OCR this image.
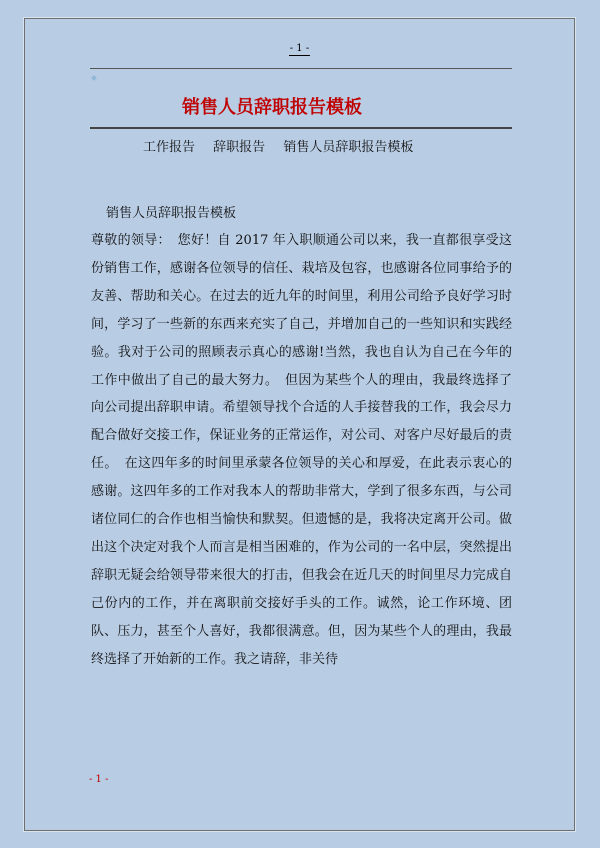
- 1 -
销售人员辞职报告模板
工作报告 辞职报告 销售人员辞职报告模板
销售人员辞职报告模板

尊敬的领导：　您好！自 2017 年入职顺通公司以来，我一直都很享受这份销售工作，感谢各位领导的信任、栽培及包容，也感谢各位同事给予的友善、帮助和关心。在过去的近九年的时间里，利用公司给予良好学习时间，学习了一些新的东西来充实了自己，并增加自己的一些知识和实践经验。我对于公司的照顾表示真心的感谢!当然，我也自认为自己在今年的工作中做出了自己的最大努力。　但因为某些个人的理由，我最终选择了向公司提出辞职申请。希望领导找个合适的人手接替我的工作，我会尽力配合做好交接工作，保证业务的正常运作，对公司、对客户尽好最后的责任。　在这四年多的时间里承蒙各位领导的关心和厚爱，在此表示衷心的感谢。这四年多的工作对我本人的帮助非常大，学到了很多东西，与公司诸位同仁的合作也相当愉快和默契。但遗憾的是，我将决定离开公司。做出这个决定对我个人而言是相当困难的，作为公司的一名中层，突然提出辞职无疑会给领导带来很大的打击，但我会在近几天的时间里尽力完成自己份内的工作，并在离职前交接好手头的工作。诚然，论工作环境、团队、压力，甚至个人喜好，我都很满意。但，因为某些个人的理由，我最终选择了开始新的工作。我之请辞，非关待

- 1 -
